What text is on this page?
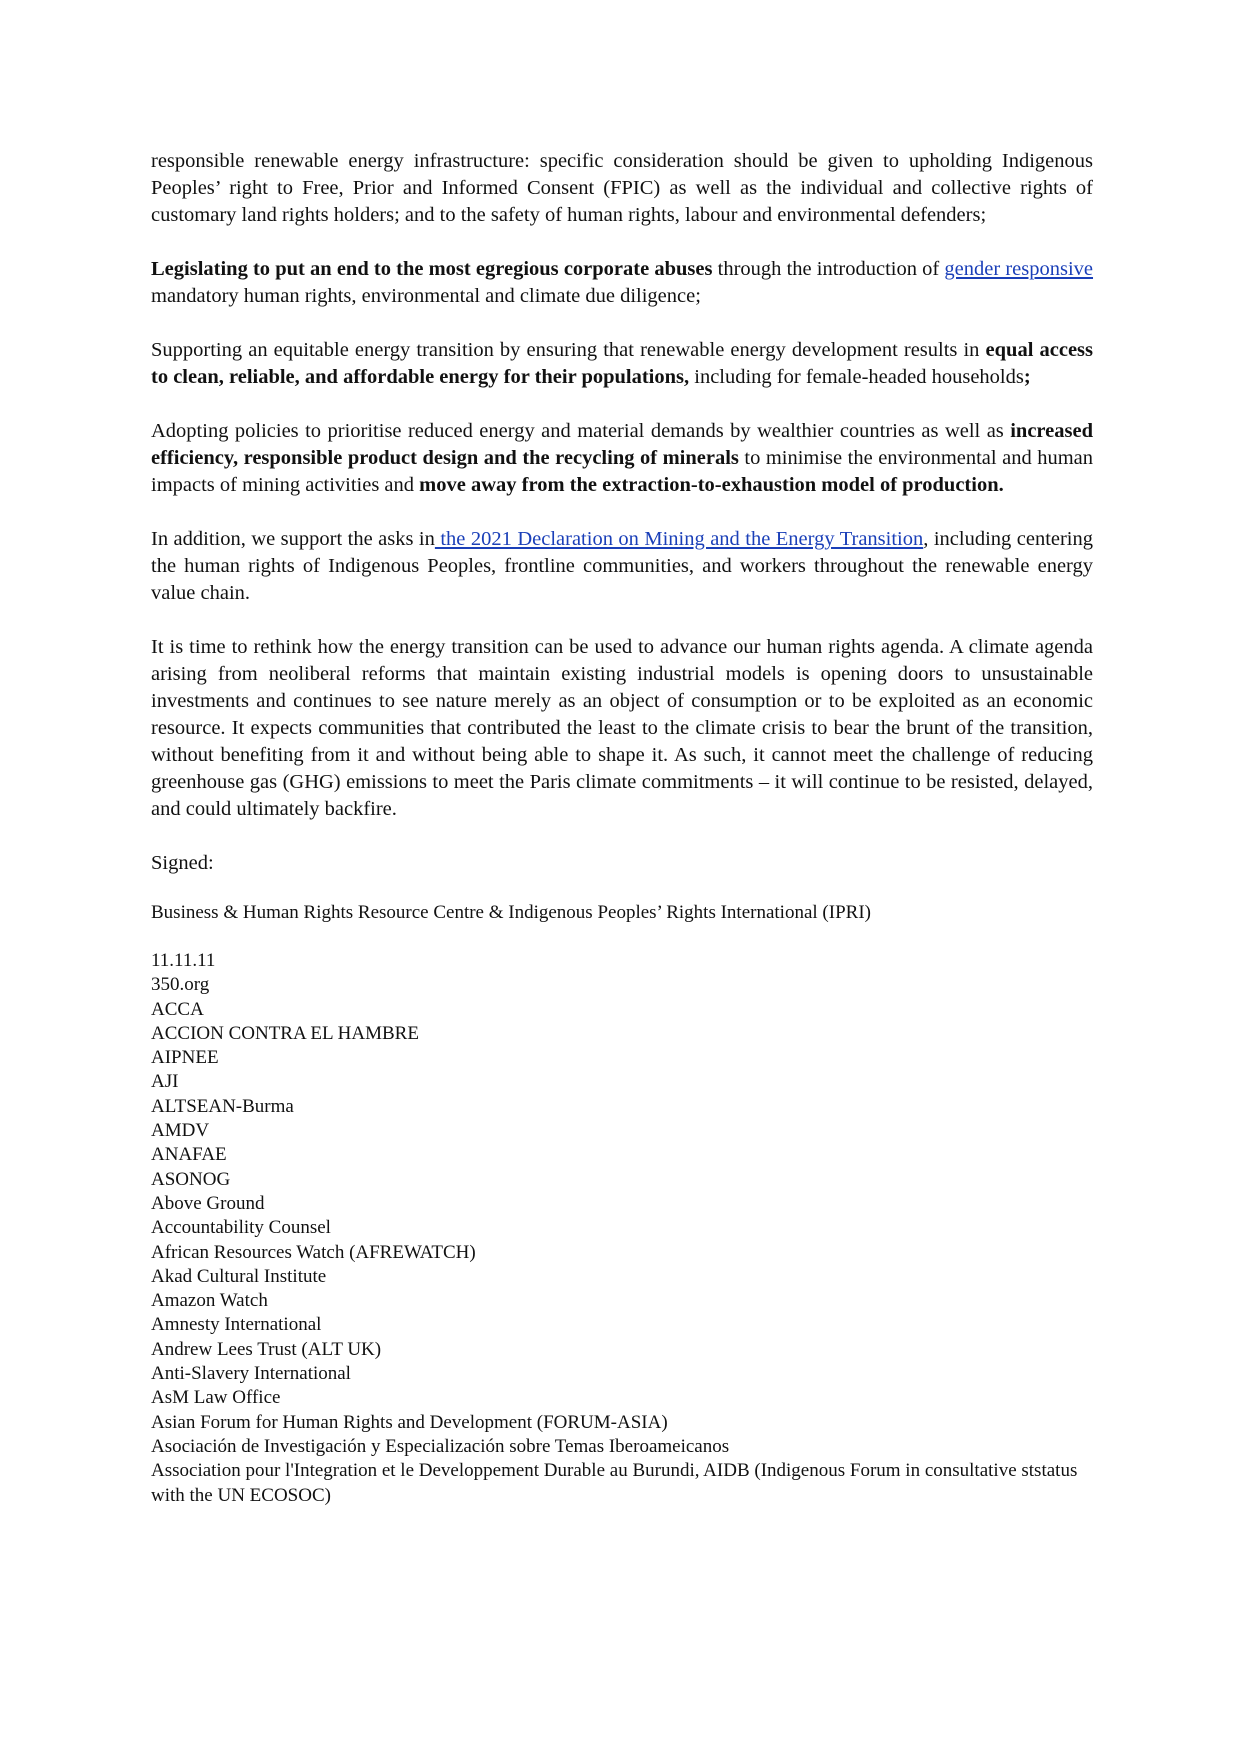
responsible renewable energy infrastructure: specific consideration should be given to upholding Indigenous Peoples’ right to Free, Prior and Informed Consent (FPIC) as well as the individual and collective rights of customary land rights holders; and to the safety of human rights, labour and environmental defenders;

Legislating to put an end to the most egregious corporate abuses through the introduction of gender responsive mandatory human rights, environmental and climate due diligence;

Supporting an equitable energy transition by ensuring that renewable energy development results in equal access to clean, reliable, and affordable energy for their populations, including for female-headed households;

Adopting policies to prioritise reduced energy and material demands by wealthier countries as well as increased efficiency, responsible product design and the recycling of minerals to minimise the environmental and human impacts of mining activities and move away from the extraction-to-exhaustion model of production.

In addition, we support the asks in the 2021 Declaration on Mining and the Energy Transition, including centering the human rights of Indigenous Peoples, frontline communities, and workers throughout the renewable energy value chain.

It is time to rethink how the energy transition can be used to advance our human rights agenda. A climate agenda arising from neoliberal reforms that maintain existing industrial models is opening doors to unsustainable investments and continues to see nature merely as an object of consumption or to be exploited as an economic resource. It expects communities that contributed the least to the climate crisis to bear the brunt of the transition, without benefiting from it and without being able to shape it. As such, it cannot meet the challenge of reducing greenhouse gas (GHG) emissions to meet the Paris climate commitments – it will continue to be resisted, delayed, and could ultimately backfire.

Signed:

Business & Human Rights Resource Centre & Indigenous Peoples’ Rights International (IPRI)

11.11.11
350.org
ACCA
ACCION CONTRA EL HAMBRE
AIPNEE
AJI
ALTSEAN-Burma
AMDV
ANAFAE
ASONOG
Above Ground
Accountability Counsel
African Resources Watch (AFREWATCH)
Akad Cultural Institute
Amazon Watch
Amnesty International
Andrew Lees Trust (ALT UK)
Anti-Slavery International
AsM Law Office
Asian Forum for Human Rights and Development (FORUM-ASIA)
Asociación de Investigación y Especialización sobre Temas Iberoameicanos
Association pour l'Integration et le Developpement Durable au Burundi, AIDB (Indigenous Forum in consultative ststatus with the UN ECOSOC)
